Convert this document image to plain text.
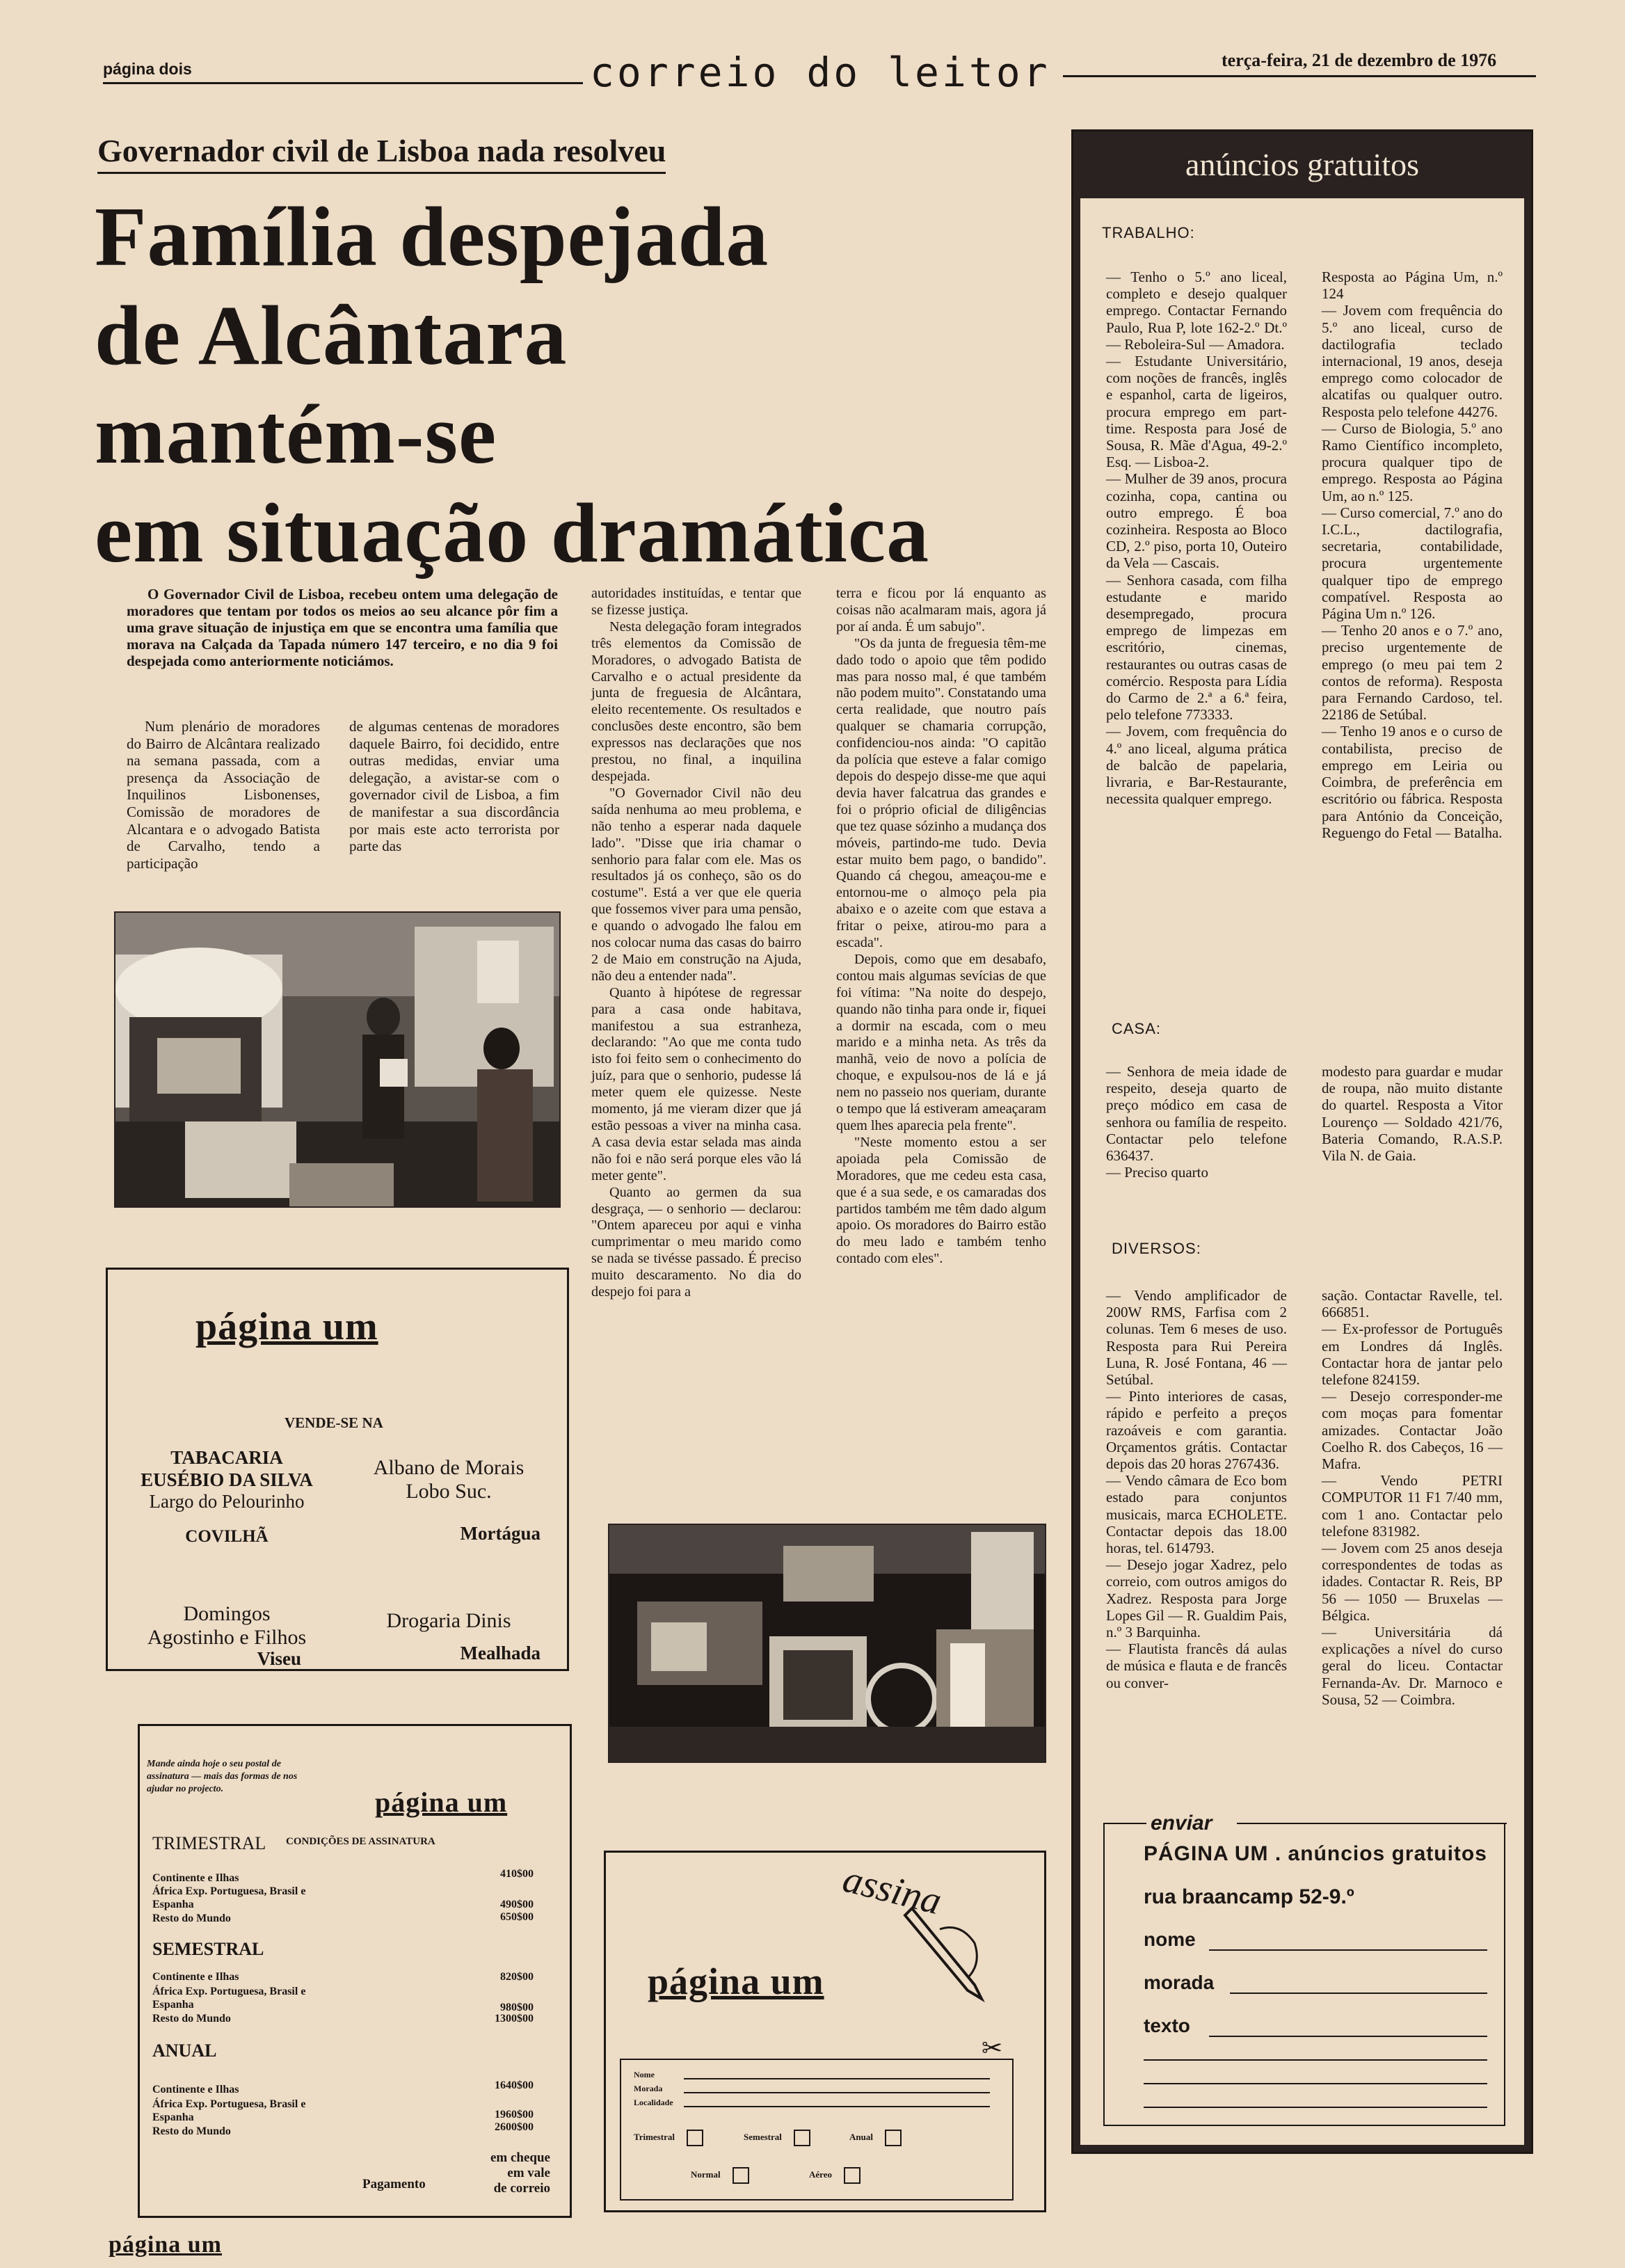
página dois	correio do leitor	terça-feira, 21 de dezembro de 1976
Governador civil de Lisboa nada resolveu
Família despejada
de Alcântara
mantém-se
em situação dramática

O Governador Civil de Lisboa, recebeu ontem uma delegação de moradores que tentam por todos os meios ao seu alcance pôr fim a uma grave situação de injustiça em que se encontra uma família que morava na Calçada da Tapada número 147 terceiro, e no dia 9 foi despejada como anteriormente noticiámos.

Num plenário de moradores do Bairro de Alcântara realizado na semana passada, com a presença da Associação de Inquilinos Lisbonenses, Comissão de moradores de Alcantara e o advogado Batista de Carvalho, tendo a participação

de algumas centenas de moradores daquele Bairro, foi decidido, entre outras medidas, enviar uma delegação, a avistar-se com o governador civil de Lisboa, a fim de manifestar a sua discordância por mais este acto terrorista por parte das

autoridades instituídas, e tentar que se fizesse justiça.

Nesta delegação foram integrados três elementos da Comissão de Moradores, o advogado Batista de Carvalho e o actual presidente da junta de freguesia de Alcântara, eleito recentemente. Os resultados e conclusões deste encontro, são bem expressos nas declarações que nos prestou, no final, a inquilina despejada.

"O Governador Civil não deu saída nenhuma ao meu problema, e não tenho a esperar nada daquele lado". "Disse que iria chamar o senhorio para falar com ele. Mas os resultados já os conheço, são os do costume". Está a ver que ele queria que fossemos viver para uma pensão, e quando o advogado lhe falou em nos colocar numa das casas do bairro 2 de Maio em construção na Ajuda, não deu a entender nada".

Quanto à hipótese de regressar para a casa onde habitava, manifestou a sua estranheza, declarando: "Ao que me conta tudo isto foi feito sem o conhecimento do juíz, para que o senhorio, pudesse lá meter quem ele quizesse. Neste momento, já me vieram dizer que já estão pessoas a viver na minha casa. A casa devia estar selada mas ainda não foi e não será porque eles vão lá meter gente".

Quanto ao germen da sua desgraça, — o senhorio — declarou: "Ontem apareceu por aqui e vinha cumprimentar o meu marido como se nada se tivésse passado. É preciso muito descaramento. No dia do despejo foi para a

terra e ficou por lá enquanto as coisas não acalmaram mais, agora já por aí anda. É um sabujo".

"Os da junta de freguesia têm-me dado todo o apoio que têm podido mas para nosso mal, é que também não podem muito". Constatando uma certa realidade, que noutro país qualquer se chamaria corrupção, confidenciou-nos ainda: "O capitão da polícia que esteve a falar comigo depois do despejo disse-me que aqui devia haver falcatrua das grandes e foi o próprio oficial de diligências que tez quase sózinho a mudança dos móveis, partindo-me tudo. Devia estar muito bem pago, o bandido". Quando cá chegou, ameaçou-me e entornou-me o almoço pela pia abaixo e o azeite com que estava a fritar o peixe, atirou-mo para a escada".

Depois, como que em desabafo, contou mais algumas sevícias de que foi vítima: "Na noite do despejo, quando não tinha para onde ir, fiquei a dormir na escada, com o meu marido e a minha neta. As três da manhã, veio de novo a polícia de choque, e expulsou-nos de lá e já nem no passeio nos queriam, durante o tempo que lá estiveram ameaçaram quem lhes aparecia pela frente".

"Neste momento estou a ser apoiada pela Comissão de Moradores, que me cedeu esta casa, que é a sua sede, e os camaradas dos partidos também me têm dado algum apoio. Os moradores do Bairro estão do meu lado e também tenho contado com eles".

página um
VENDE-SE NA
TABACARIA
EUSÉBIO DA SILVA
Largo do Pelourinho
COVILHÃ
Albano de Morais
Lobo Suc.
Mortágua
Domingos
Agostinho e Filhos
Viseu
Drogaria Dinis
Mealhada
Mande ainda hoje o seu postal de assinatura — mais das formas de nos ajudar no projecto.	página um
TRIMESTRAL CONDIÇÕES DE ASSINATURA
Continente e Ilhas	410$00
África Exp. Portuguesa, Brasil e Espanha	490$00
Resto do Mundo	650$00
SEMESTRAL
Continente e Ilhas	820$00
África Exp. Portuguesa, Brasil e Espanha	980$00
Resto do Mundo	1300$00
ANUAL
Continente e Ilhas	1640$00
África Exp. Portuguesa, Brasil e Espanha	1960$00
Resto do Mundo	2600$00
Pagamento
em cheque
em vale
de correio
assina
página um
✂
Nome
Morada
Localidade
Trimestral	Semestral	Anual
Normal	Aéreo
anúncios gratuitos
TRABALHO:

— Tenho o 5.º ano liceal, completo e desejo qualquer emprego. Contactar Fernando Paulo, Rua P, lote 162-2.º Dt.º — Reboleira-Sul — Amadora.

— Estudante Universitário, com noções de francês, inglês e espanhol, carta de ligeiros, procura emprego em part-time. Resposta para José de Sousa, R. Mãe d'Agua, 49-2.º Esq. — Lisboa-2.

— Mulher de 39 anos, procura cozinha, copa, cantina ou outro emprego. É boa cozinheira. Resposta ao Bloco CD, 2.º piso, porta 10, Outeiro da Vela — Cascais.

— Senhora casada, com filha estudante e marido desempregado, procura emprego de limpezas em escritório, cinemas, restaurantes ou outras casas de comércio. Resposta para Lídia do Carmo de 2.ª a 6.ª feira, pelo telefone 773333.

— Jovem, com frequência do 4.º ano liceal, alguma prática de balcão de papelaria, livraria, e Bar-Restaurante, necessita qualquer emprego.

Resposta ao Página Um, n.º 124

— Jovem com frequência do 5.º ano liceal, curso de dactilografia teclado internacional, 19 anos, deseja emprego como colocador de alcatifas ou qualquer outro. Resposta pelo telefone 44276.

— Curso de Biologia, 5.º ano Ramo Científico incompleto, procura qualquer tipo de emprego. Resposta ao Página Um, ao n.º 125.

— Curso comercial, 7.º ano do I.C.L., dactilografia, secretaria, contabilidade, procura urgentemente qualquer tipo de emprego compatível. Resposta ao Página Um n.º 126.

— Tenho 20 anos e o 7.º ano, preciso urgentemente de emprego (o meu pai tem 2 contos de reforma). Resposta para Fernando Cardoso, tel. 22186 de Setúbal.

— Tenho 19 anos e o curso de contabilista, preciso de emprego em Leiria ou Coimbra, de preferência em escritório ou fábrica. Resposta para António da Conceição, Reguengo do Fetal — Batalha.

CASA:

— Senhora de meia idade de respeito, deseja quarto de preço módico em casa de senhora ou família de respeito. Contactar pelo telefone 636437.

— Preciso quarto

modesto para guardar e mudar de roupa, não muito distante do quartel. Resposta a Vitor Lourenço — Soldado 421/76, Bateria Comando, R.A.S.P. Vila N. de Gaia.

DIVERSOS:

— Vendo amplificador de 200W RMS, Farfisa com 2 colunas. Tem 6 meses de uso. Resposta para Rui Pereira Luna, R. José Fontana, 46 — Setúbal.

— Pinto interiores de casas, rápido e perfeito a preços razoáveis e com garantia. Orçamentos grátis. Contactar depois das 20 horas 2767436.

— Vendo câmara de Eco bom estado para conjuntos musicais, marca ECHOLETE. Contactar depois das 18.00 horas, tel. 614793.

— Desejo jogar Xadrez, pelo correio, com outros amigos do Xadrez. Resposta para Jorge Lopes Gil — R. Gualdim Pais, n.º 3 Barquinha.

— Flautista francês dá aulas de música e flauta e de francês ou conver-

sação. Contactar Ravelle, tel. 666851.

— Ex-professor de Português em Londres dá Inglês. Contactar hora de jantar pelo telefone 824159.

— Desejo corresponder-me com moças para fomentar amizades. Contactar João Coelho R. dos Cabeços, 16 — Mafra.

— Vendo PETRI COMPUTOR 11 F1 7/40 mm, com 1 ano. Contactar pelo telefone 831982.

— Jovem com 25 anos deseja correspondentes de todas as idades. Contactar R. Reis, BP 56 — 1050 — Bruxelas — Bélgica.

— Universitária dá explicações a nível do curso geral do liceu. Contactar Fernanda-Av. Dr. Marnoco e Sousa, 52 — Coimbra.

enviar
PÁGINA UM . anúncios gratuitos
rua braancamp 52-9.º
nome
morada
texto
página um
